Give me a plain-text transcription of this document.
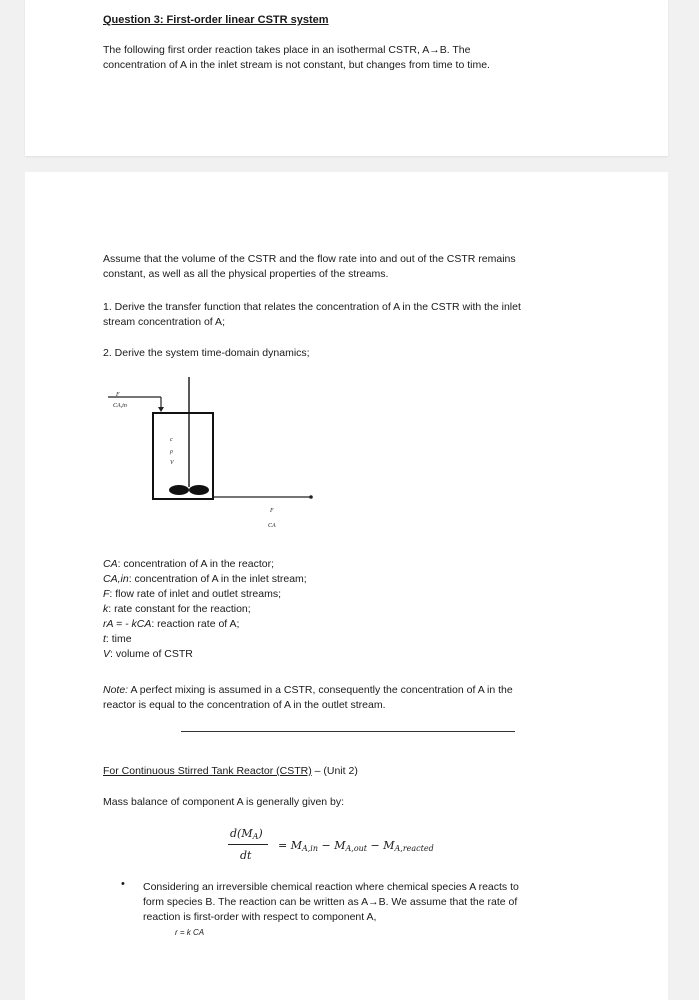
Question 3: First-order linear CSTR system

The following first order reaction takes place in an isothermal CSTR, A→B. The

concentration of A in the inlet stream is not constant, but changes from time to time.

Assume that the volume of the CSTR and the flow rate into and out of the CSTR remains

constant, as well as all the physical properties of the streams.

1. Derive the transfer function that relates the concentration of A in the CSTR with the inlet

stream concentration of A;

2. Derive the system time-domain dynamics;

F
CA,in
c
ρ
V
F
CA

CA: concentration of A in the reactor;

CA,in: concentration of A in the inlet stream;

F: flow rate of inlet and outlet streams;

k: rate constant for the reaction;

rA = - kCA: reaction rate of A;

t: time

V: volume of CSTR

Note: A perfect mixing is assumed in a CSTR, consequently the concentration of A in the

reactor is equal to the concentration of A in the outlet stream.

For Continuous Stirred Tank Reactor (CSTR) – (Unit 2)

Mass balance of component A is generally given by:

$d(M_A)$
dt
= $M_{A,in} - M_{A,out} - M_{A,reacted}$
• Considering an irreversible chemical reaction where chemical species A reacts to

form species B. The reaction can be written as A→B. We assume that the rate of

reaction is first-order with respect to component A,

r = k CA
